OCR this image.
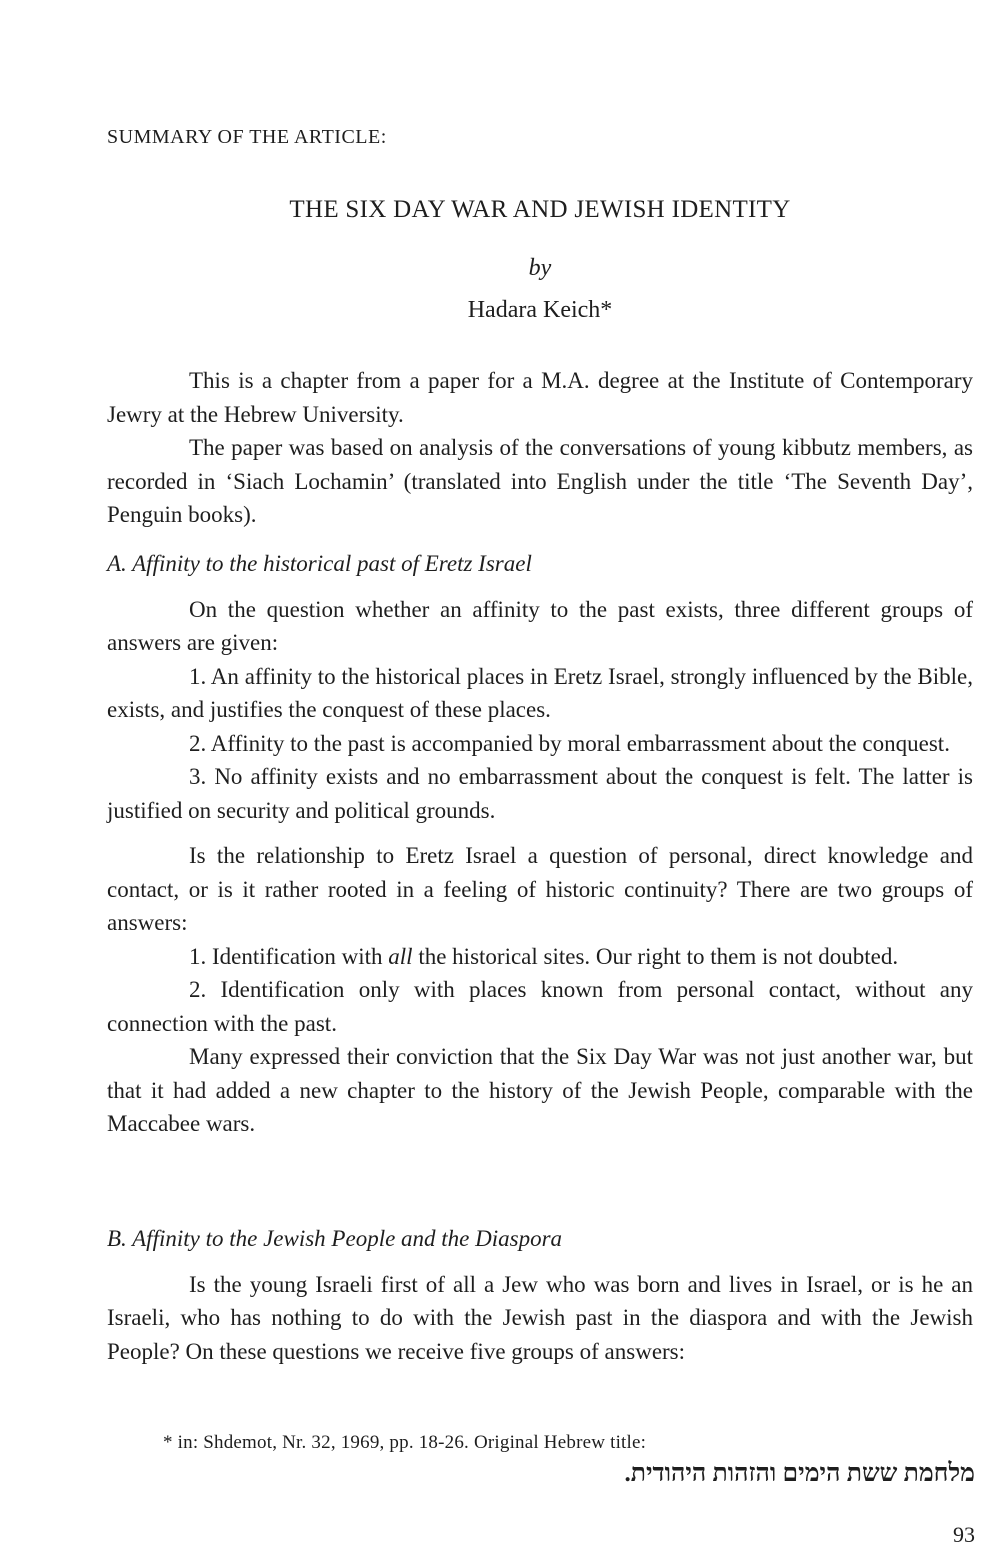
SUMMARY OF THE ARTICLE:
THE SIX DAY WAR AND JEWISH IDENTITY
by
Hadara Keich*

This is a chapter from a paper for a M.A. degree at the Institute of Contemporary Jewry at the Hebrew University.

The paper was based on analysis of the conversations of young kibbutz members, as recorded in ‘Siach Lochamin’ (translated into English under the title ‘The Seventh Day’, Penguin books).

A. Affinity to the historical past of Eretz Israel

On the question whether an affinity to the past exists, three different groups of answers are given:

1. An affinity to the historical places in Eretz Israel, strongly influenced by the Bible, exists, and justifies the conquest of these places.

2. Affinity to the past is accompanied by moral embarrassment about the conquest.

3. No affinity exists and no embarrassment about the conquest is felt. The latter is justified on security and political grounds.

Is the relationship to Eretz Israel a question of personal, direct knowledge and contact, or is it rather rooted in a feeling of historic continuity? There are two groups of answers:

1. Identification with all the historical sites. Our right to them is not doubted.

2. Identification only with places known from personal contact, without any connection with the past.

Many expressed their conviction that the Six Day War was not just another war, but that it had added a new chapter to the history of the Jewish People, comparable with the Maccabee wars.

B. Affinity to the Jewish People and the Diaspora

Is the young Israeli first of all a Jew who was born and lives in Israel, or is he an Israeli, who has nothing to do with the Jewish past in the diaspora and with the Jewish People? On these questions we receive five groups of answers:

* in: Shdemot, Nr. 32, 1969, pp. 18-26. Original Hebrew title:
מלחמת ששת הימים והזהות היהודית.
93
